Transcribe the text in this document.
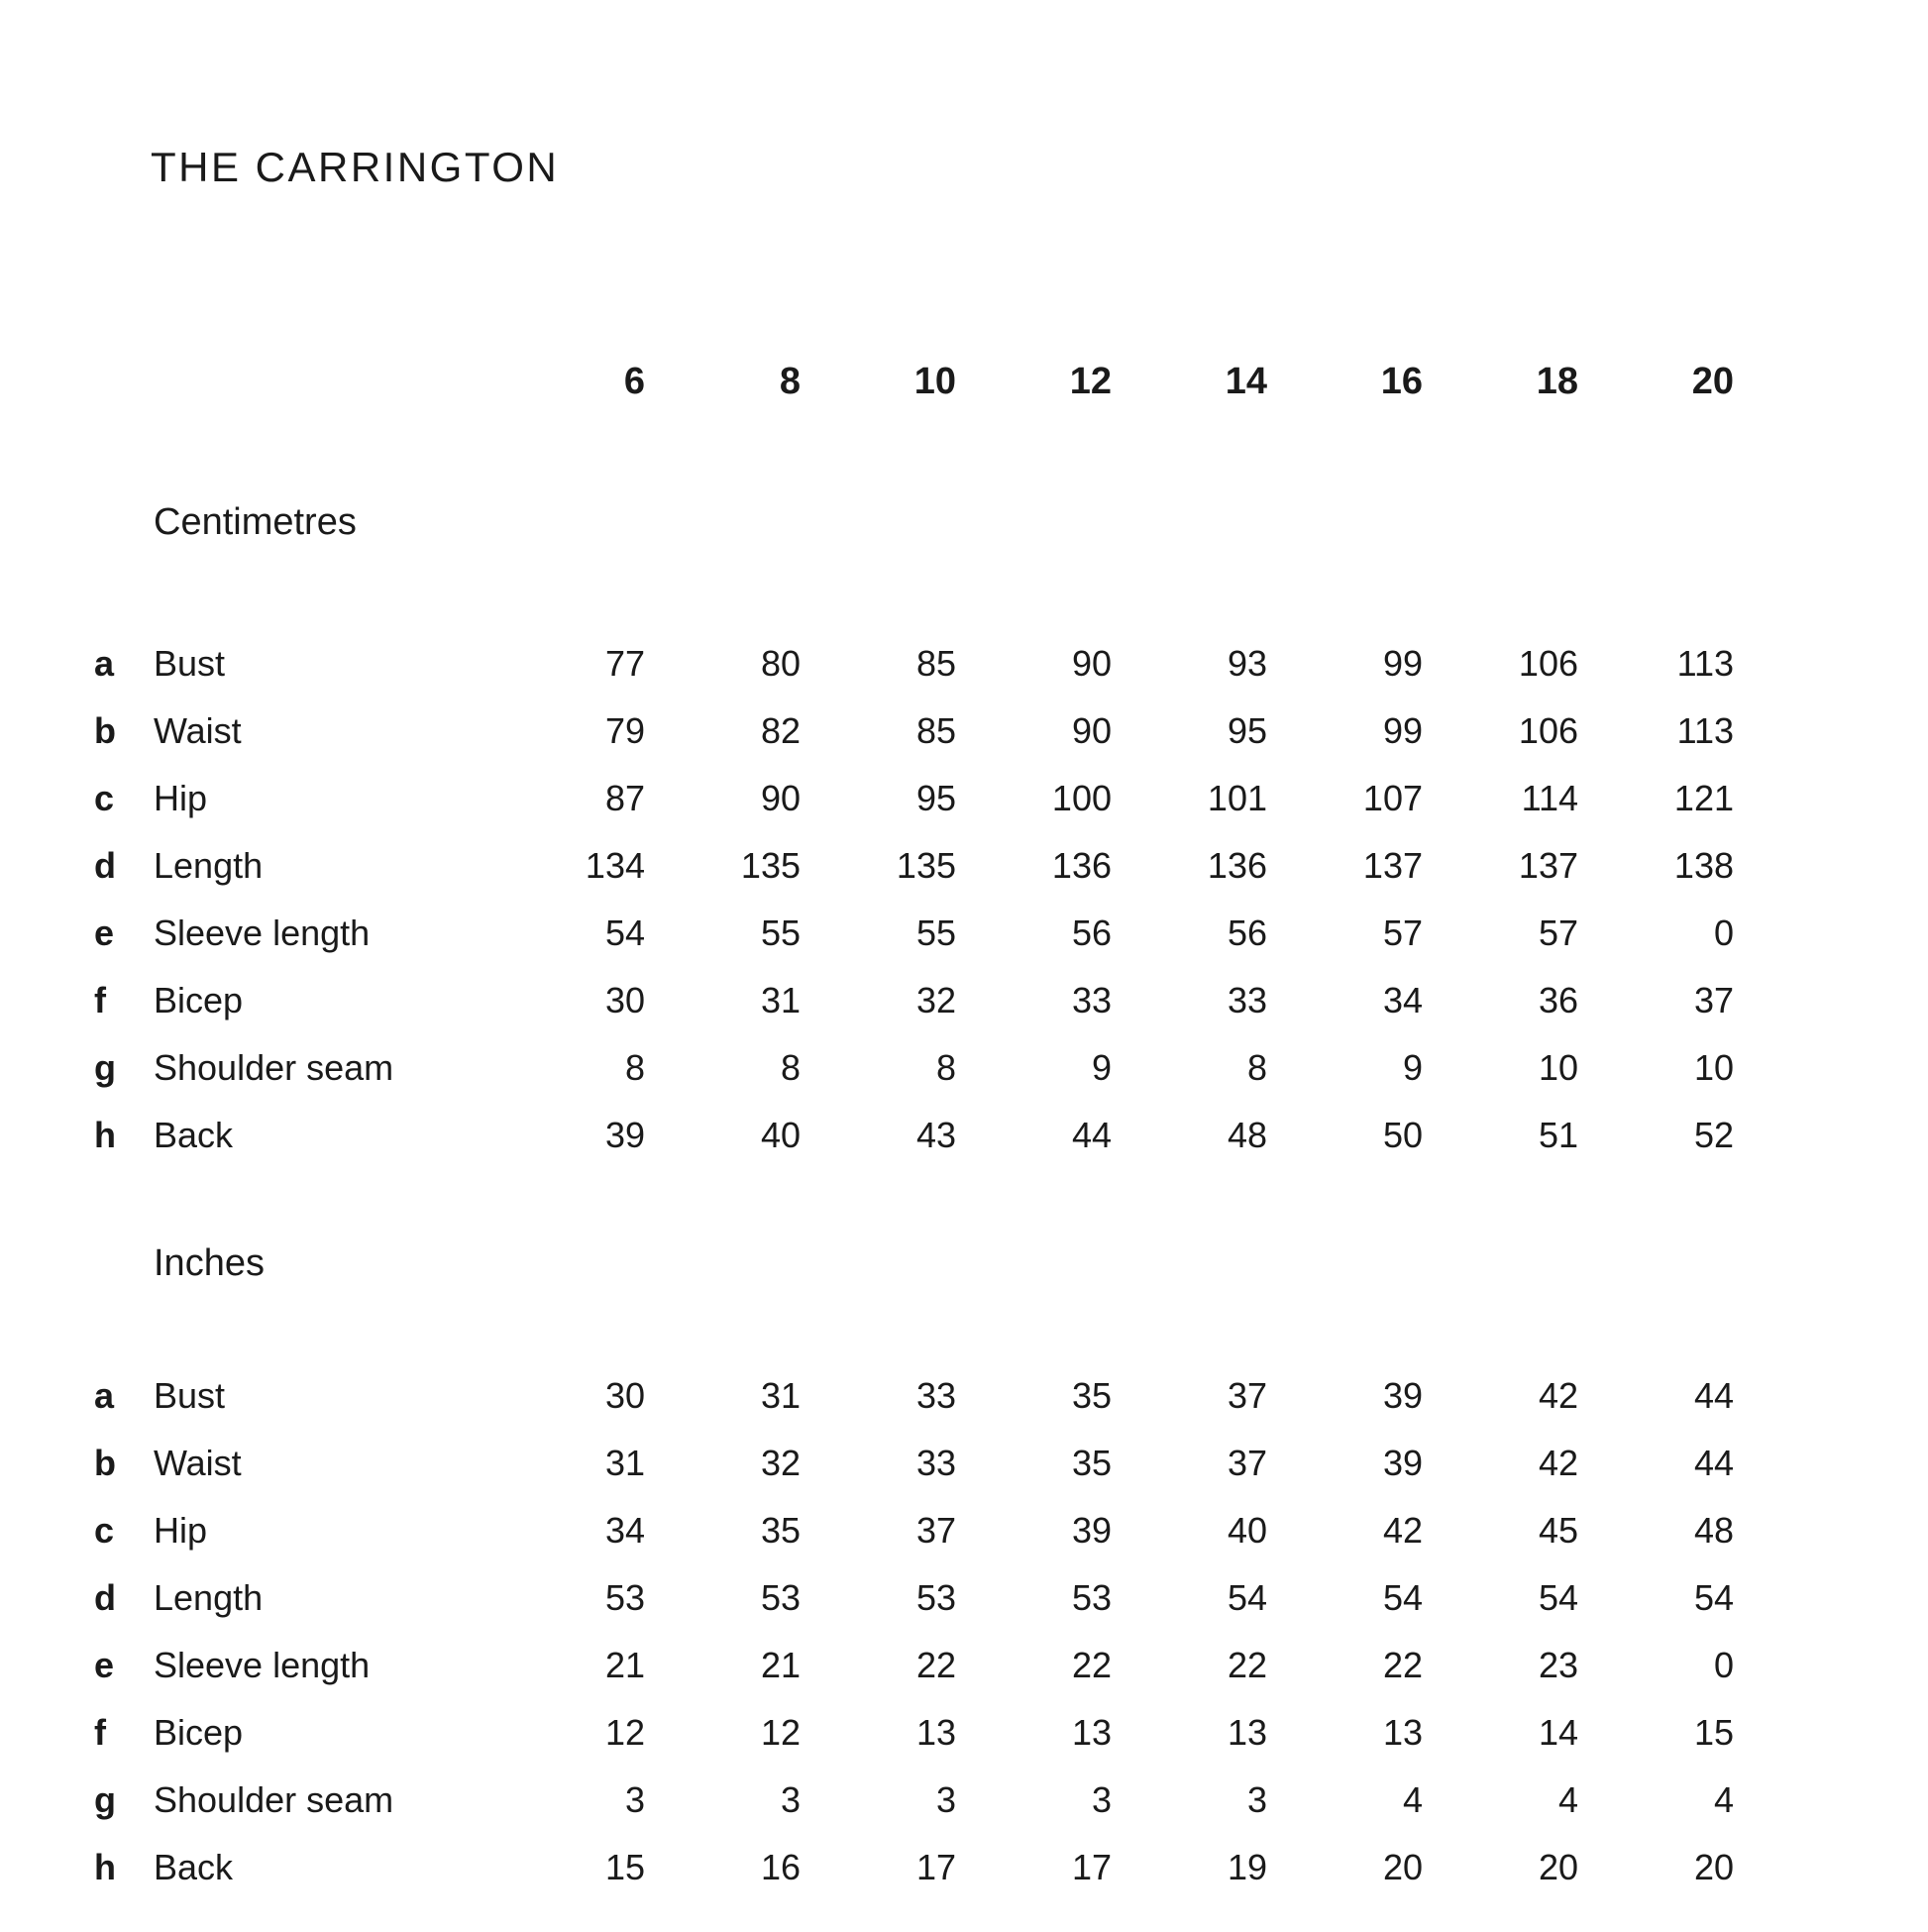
THE CARRINGTON
6	8	10	12	14	16	18	20
Centimetres
a	Bust	77	80	85	90	93	99	106	113
b	Waist	79	82	85	90	95	99	106	113
c	Hip	87	90	95	100	101	107	114	121
d	Length	134	135	135	136	136	137	137	138
e	Sleeve length	54	55	55	56	56	57	57	0
f	Bicep	30	31	32	33	33	34	36	37
g	Shoulder seam	8	8	8	9	8	9	10	10
h	Back	39	40	43	44	48	50	51	52
Inches
a	Bust	30	31	33	35	37	39	42	44
b	Waist	31	32	33	35	37	39	42	44
c	Hip	34	35	37	39	40	42	45	48
d	Length	53	53	53	53	54	54	54	54
e	Sleeve length	21	21	22	22	22	22	23	0
f	Bicep	12	12	13	13	13	13	14	15
g	Shoulder seam	3	3	3	3	3	4	4	4
h	Back	15	16	17	17	19	20	20	20
